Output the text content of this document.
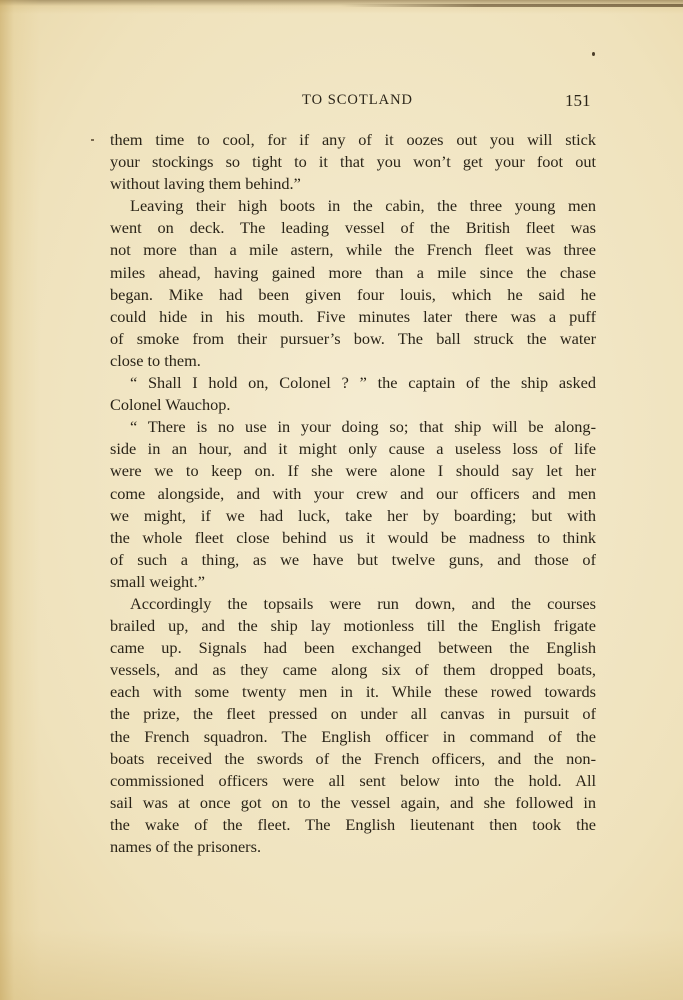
TO SCOTLAND	151
them time to cool, for if any of it oozes out you will stick
your stockings so tight to it that you won’t get your foot out
without laving them behind.”
Leaving their high boots in the cabin, the three young men
went on deck. The leading vessel of the British fleet was
not more than a mile astern, while the French fleet was three
miles ahead, having gained more than a mile since the chase
began. Mike had been given four louis, which he said he
could hide in his mouth. Five minutes later there was a puff
of smoke from their pursuer’s bow. The ball struck the water
close to them.
“ Shall I hold on, Colonel ? ” the captain of the ship asked
Colonel Wauchop.
“ There is no use in your doing so; that ship will be along-
side in an hour, and it might only cause a useless loss of life
were we to keep on. If she were alone I should say let her
come alongside, and with your crew and our officers and men
we might, if we had luck, take her by boarding; but with
the whole fleet close behind us it would be madness to think
of such a thing, as we have but twelve guns, and those of
small weight.”
Accordingly the topsails were run down, and the courses
brailed up, and the ship lay motionless till the English frigate
came up. Signals had been exchanged between the English
vessels, and as they came along six of them dropped boats,
each with some twenty men in it. While these rowed towards
the prize, the fleet pressed on under all canvas in pursuit of
the French squadron. The English officer in command of the
boats received the swords of the French officers, and the non-
commissioned officers were all sent below into the hold. All
sail was at once got on to the vessel again, and she followed in
the wake of the fleet. The English lieutenant then took the
names of the prisoners.
